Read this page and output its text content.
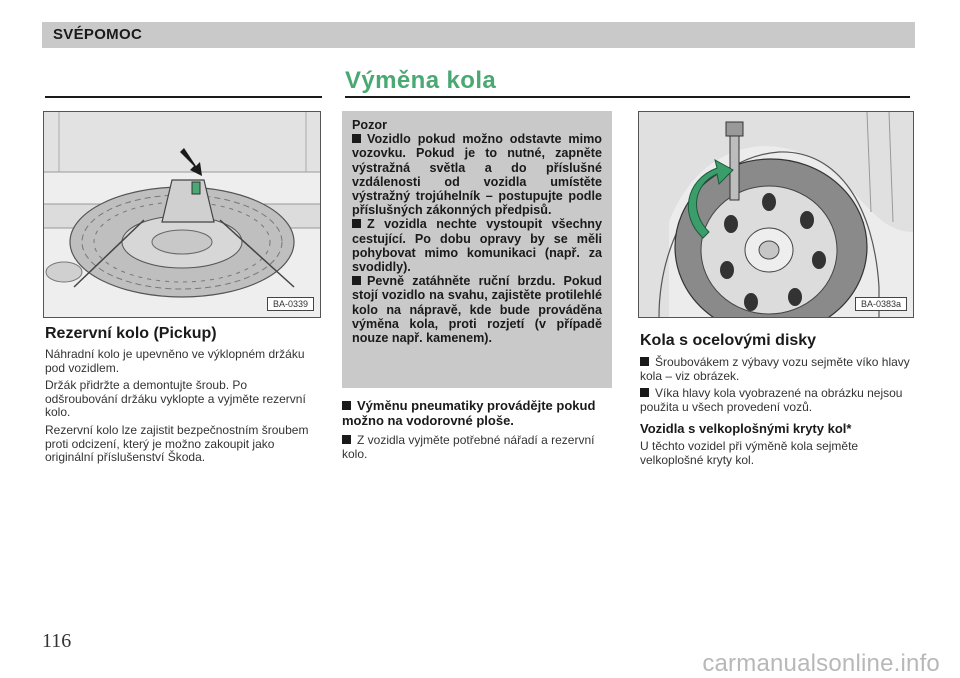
SVÉPOMOC
Výměna kola
BA-0339
Rezervní kolo (Pickup)

Náhradní kolo je upevněno ve výklopném držáku pod vozidlem.

Držák přidržte a demontujte šroub. Po odšroubování držáku vyklopte a vyjměte rezervní kolo.

Rezervní kolo lze zajistit bezpečnostním šroubem proti odcizení, který je možno zakoupit jako originální příslušenství Škoda.

Pozor

Vozidlo pokud možno odstavte mimo vozovku. Pokud je to nutné, zapněte výstražná světla a do příslušné vzdálenosti od vozidla umístěte výstražný trojúhelník – postupujte podle příslušných zákonných předpisů.

Z vozidla nechte vystoupit všechny cestující. Po dobu opravy by se měli pohybovat mimo komunikaci (např. za svodidly).

Pevně zatáhněte ruční brzdu. Pokud stojí vozidlo na svahu, zajistěte protilehlé kolo na nápravě, kde bude prováděna výměna kola, proti rozjetí (v případě nouze např. kamenem).

Výměnu pneumatiky provádějte pokud možno na vodorovné ploše.

Z vozidla vyjměte potřebné nářadí a rezervní kolo.

BA-0383a
Kola s ocelovými disky

Šroubovákem z výbavy vozu sejměte víko hlavy kola – viz obrázek.

Víka hlavy kola vyobrazené na obrázku nejsou použita u všech provedení vozů.

Vozidla s velkoplošnými kryty kol*

U těchto vozidel při výměně kola sejměte velkoplošné kryty kol.

116
carmanualsonline.info
